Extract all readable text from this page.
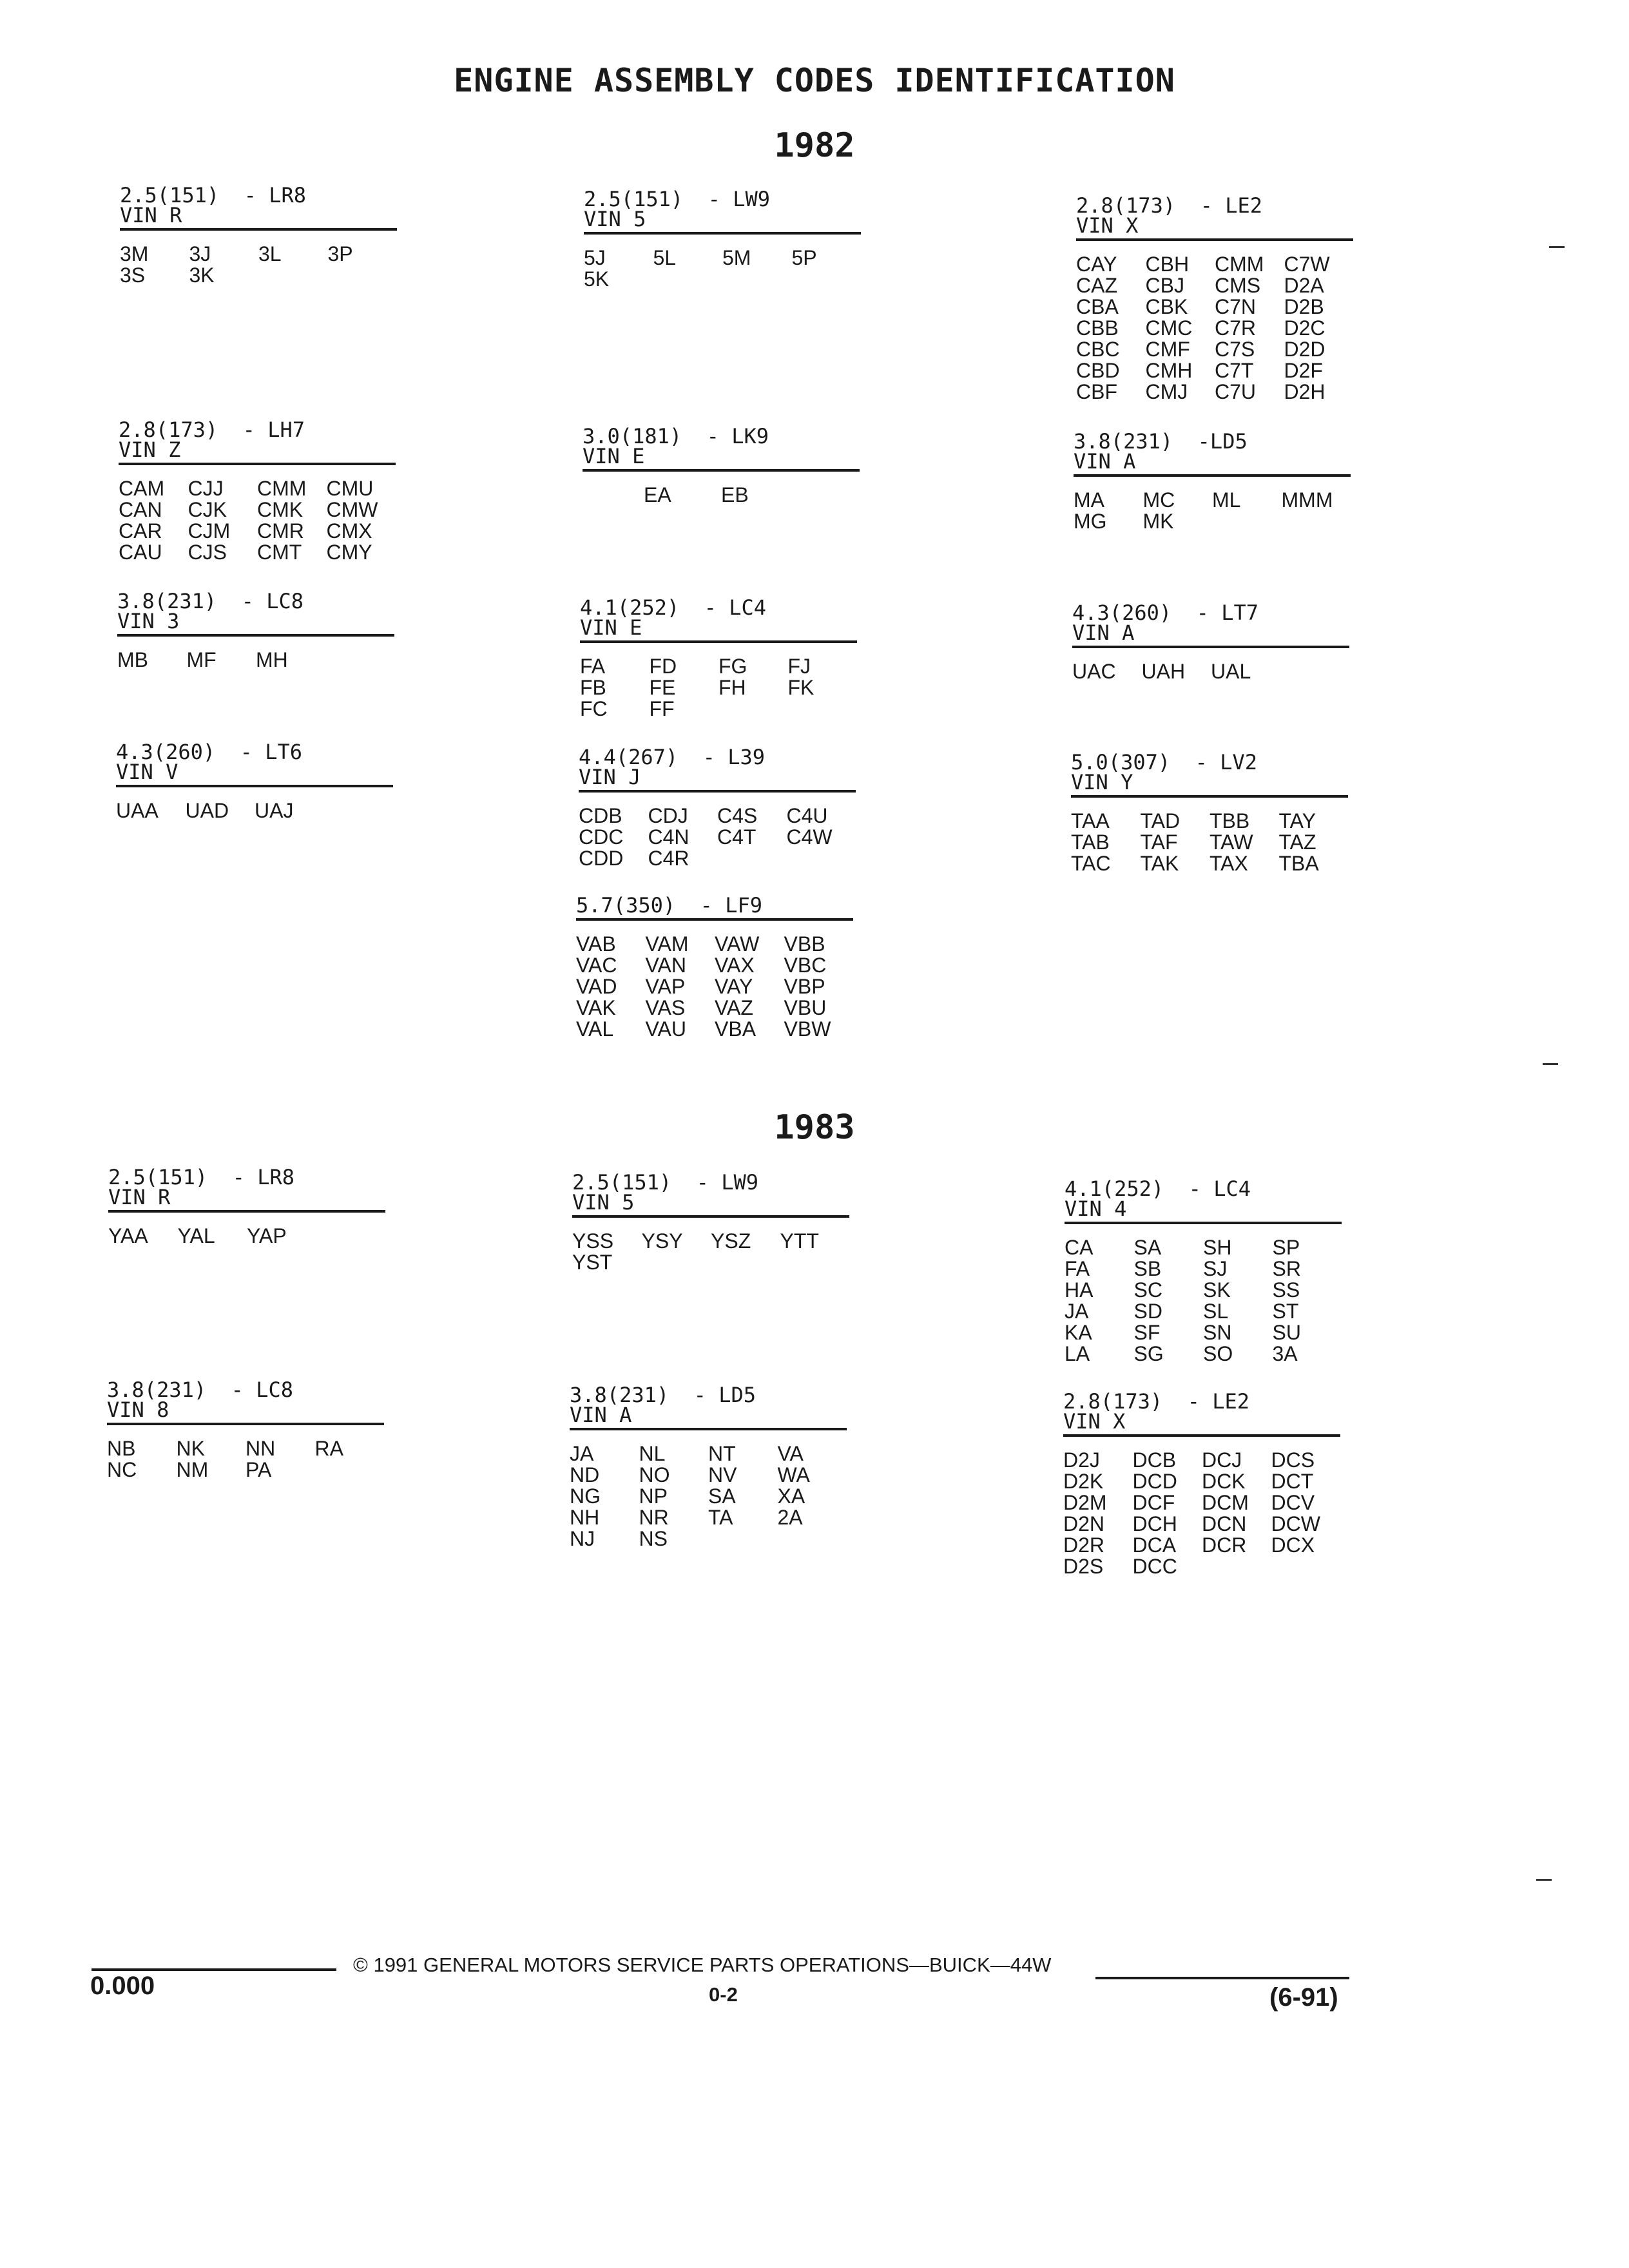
ENGINE ASSEMBLY CODES IDENTIFICATION
1982
1983
2.5(151)  - LR8
VIN R
3M	3J	3L	3P
3S	3K
2.5(151)  - LW9
VIN 5
5J	5L	5M	5P
5K
2.8(173)  - LE2
VIN X
CAY	CBH	CMM C7W
CAZ	CBJ	CMS	D2A
CBA	CBK	C7N	D2B
CBB	CMC	C7R	D2C
CBC	CMF	C7S	D2D
CBD	CMH	C7T	D2F
CBF	CMJ	C7U	D2H
2.8(173)  - LH7
VIN Z
CAM	CJJ	CMM CMU
CAN	CJK	CMK	CMW
CAR	CJM	CMR	CMX
CAU	CJS	CMT	CMY
3.0(181)  - LK9
VIN E
EA	EB
3.8(231)  -LD5
VIN A
MA	MC	ML	MMM
MG	MK
3.8(231)  - LC8
VIN 3
MB	MF	MH
4.1(252)  - LC4
VIN E
FA	FD	FG	FJ
FB	FE	FH	FK
FC	FF
4.3(260)  - LT7
VIN A
UAC	UAH	UAL
4.3(260)  - LT6
VIN V
UAA	UAD	UAJ
4.4(267)  - L39
VIN J
CDB	CDJ	C4S	C4U
CDC	C4N	C4T	C4W
CDD	C4R
5.0(307)  - LV2
VIN Y
TAA	TAD	TBB	TAY
TAB	TAF	TAW	TAZ
TAC	TAK	TAX	TBA
5.7(350)  - LF9
VAB	VAM	VAW	VBB
VAC	VAN	VAX	VBC
VAD	VAP	VAY	VBP
VAK	VAS	VAZ	VBU
VAL	VAU	VBA	VBW
2.5(151)  - LR8
VIN R
YAA	YAL	YAP
2.5(151)  - LW9
VIN 5
YSS	YSY	YSZ	YTT
YST
4.1(252)  - LC4
VIN 4
CA	SA	SH	SP
FA	SB	SJ	SR
HA	SC	SK	SS
JA	SD	SL	ST
KA	SF	SN	SU
LA	SG	SO	3A
3.8(231)  - LC8
VIN 8
NB	NK	NN	RA
NC	NM	PA
3.8(231)  - LD5
VIN A
JA	NL	NT	VA
ND	NO	NV	WA
NG	NP	SA	XA
NH	NR	TA	2A
NJ	NS
2.8(173)  - LE2
VIN X
D2J	DCB	DCJ	DCS
D2K	DCD	DCK	DCT
D2M	DCF	DCM	DCV
D2N	DCH	DCN	DCW
D2R	DCA	DCR	DCX
D2S	DCC
© 1991 GENERAL MOTORS SERVICE PARTS OPERATIONS—BUICK—44W
0.000	0-2	(6-91)
